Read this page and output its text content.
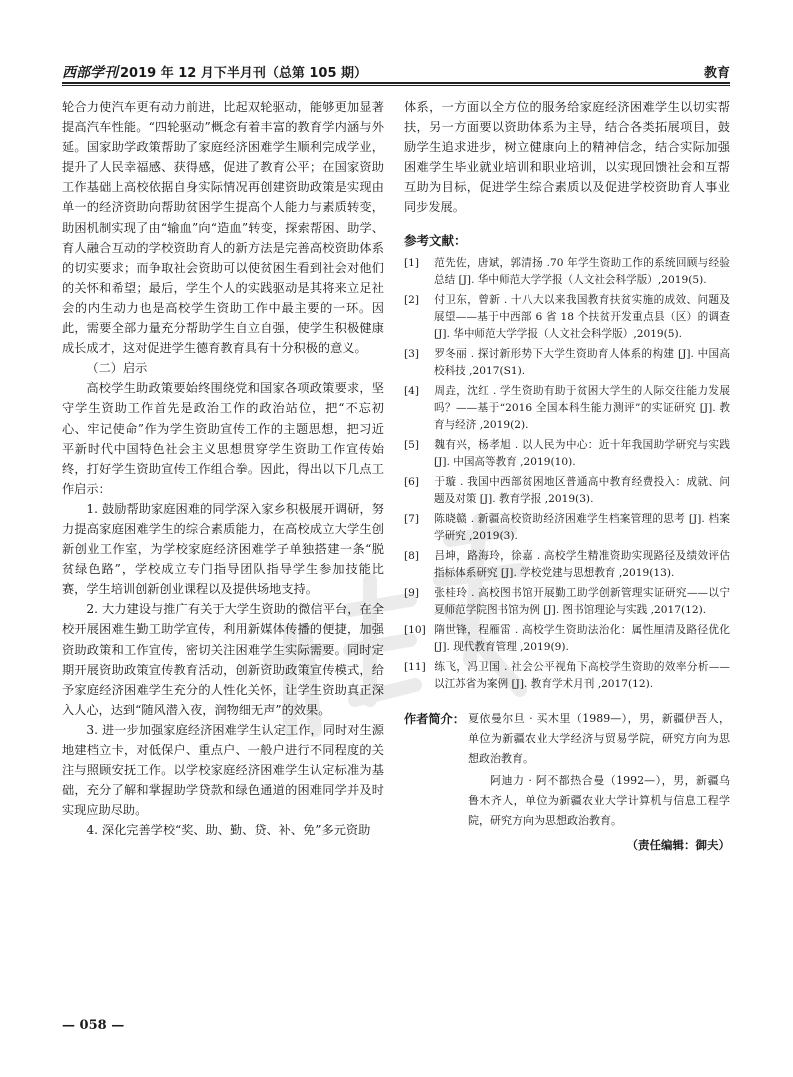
西部学刊 2019 年 12 月下半月刊（总第 105 期）	教育

轮合力使汽车更有动力前进，比起双轮驱动，能够更加显著提高汽车性能。“四轮驱动”概念有着丰富的教育学内涵与外延。国家助学政策帮助了家庭经济困难学生顺利完成学业，提升了人民幸福感、获得感，促进了教育公平；在国家资助工作基础上高校依据自身实际情况再创建资助政策是实现由单一的经济资助向帮助贫困学生提高个人能力与素质转变，助困机制实现了由“输血”向“造血”转变，探索帮困、助学、育人融合互动的学校资助育人的新方法是完善高校资助体系的切实要求；而争取社会资助可以使贫困生看到社会对他们的关怀和希望；最后，学生个人的实践驱动是其将来立足社会的内生动力也是高校学生资助工作中最主要的一环。因此，需要全部力量充分帮助学生自立自强，使学生积极健康成长成才，这对促进学生德育教育具有十分积极的意义。

（二）启示

高校学生助政策要始终围绕党和国家各项政策要求，坚守学生资助工作首先是政治工作的政治站位，把“不忘初心、牢记使命”作为学生资助宣传工作的主题思想，把习近平新时代中国特色社会主义思想贯穿学生资助工作宣传始终，打好学生资助宣传工作组合拳。因此，得出以下几点工作启示：

1. 鼓励帮助家庭困难的同学深入家乡积极展开调研，努力提高家庭困难学生的综合素质能力，在高校成立大学生创新创业工作室，为学校家庭经济困难学子单独搭建一条“脱贫绿色路”，学校成立专门指导团队指导学生参加技能比赛，学生培训创新创业课程以及提供场地支持。

2. 大力建设与推广有关于大学生资助的微信平台，在全校开展困难生勤工助学宣传，利用新媒体传播的便捷，加强资助政策和工作宣传，密切关注困难学生实际需要。同时定期开展资助政策宣传教育活动，创新资助政策宣传模式，给予家庭经济困难学生充分的人性化关怀，让学生资助真正深入人心，达到“随风潜入夜，润物细无声”的效果。

3. 进一步加强家庭经济困难学生认定工作，同时对生源地建档立卡，对低保户、重点户、一般户进行不同程度的关注与照顾安抚工作。以学校家庭经济困难学生认定标准为基础，充分了解和掌握助学贷款和绿色通道的困难同学并及时实现应助尽助。

4. 深化完善学校“奖、助、勤、贷、补、免”多元资助

体系，一方面以全方位的服务给家庭经济困难学生以切实帮扶，另一方面要以资助体系为主导，结合各类拓展项目，鼓励学生追求进步，树立健康向上的精神信念，结合实际加强困难学生毕业就业培训和职业培训，以实现回馈社会和互帮互助为目标，促进学生综合素质以及促进学校资助育人事业同步发展。

参考文献：
[1] 范先佐，唐斌，郭清扬 .70 年学生资助工作的系统回顾与经验总结 [J]. 华中师范大学学报（人文社会科学版）,2019(5).
[2] 付卫东，曾新 . 十八大以来我国教育扶贫实施的成效、问题及展望——基于中西部 6 省 18 个扶贫开发重点县（区）的调查 [J]. 华中师范大学学报（人文社会科学版）,2019(5).
[3] 罗冬丽 . 探讨新形势下大学生资助育人体系的构建 [J]. 中国高校科技 ,2017(S1).
[4] 周垚，沈红 . 学生资助有助于贫困大学生的人际交往能力发展吗？——基于“2016 全国本科生能力测评”的实证研究 [J]. 教育与经济 ,2019(2).
[5] 魏有兴，杨孝旭 . 以人民为中心：近十年我国助学研究与实践 [J]. 中国高等教育 ,2019(10).
[6] 于璇 . 我国中西部贫困地区普通高中教育经费投入：成就、问题及对策 [J]. 教育学报 ,2019(3).
[7] 陈晓赣 . 新疆高校资助经济困难学生档案管理的思考 [J]. 档案学研究 ,2019(3).
[8] 吕坤，路海玲，徐嘉 . 高校学生精准资助实现路径及绩效评估指标体系研究 [J]. 学校党建与思想教育 ,2019(13).
[9] 张桂玲 . 高校图书馆开展勤工助学创新管理实证研究——以宁夏师范学院图书馆为例 [J]. 图书馆理论与实践 ,2017(12).
[10] 隋世锋，程雁雷 . 高校学生资助法治化：属性厘清及路径优化 [J]. 现代教育管理 ,2019(9).
[11] 练飞，冯卫国 . 社会公平视角下高校学生资助的效率分析——以江苏省为案例 [J]. 教育学术月刊 ,2017(12).
作者简介： 夏依曼尔旦 · 买木里（1989—），男，新疆伊吾人，单位为新疆农业大学经济与贸易学院，研究方向为思想政治教育。
阿迪力 · 阿不都热合曼（1992—），男，新疆乌鲁木齐人，单位为新疆农业大学计算机与信息工程学院，研究方向为思想政治教育。
（责任编辑：御夫）
— 058 —
